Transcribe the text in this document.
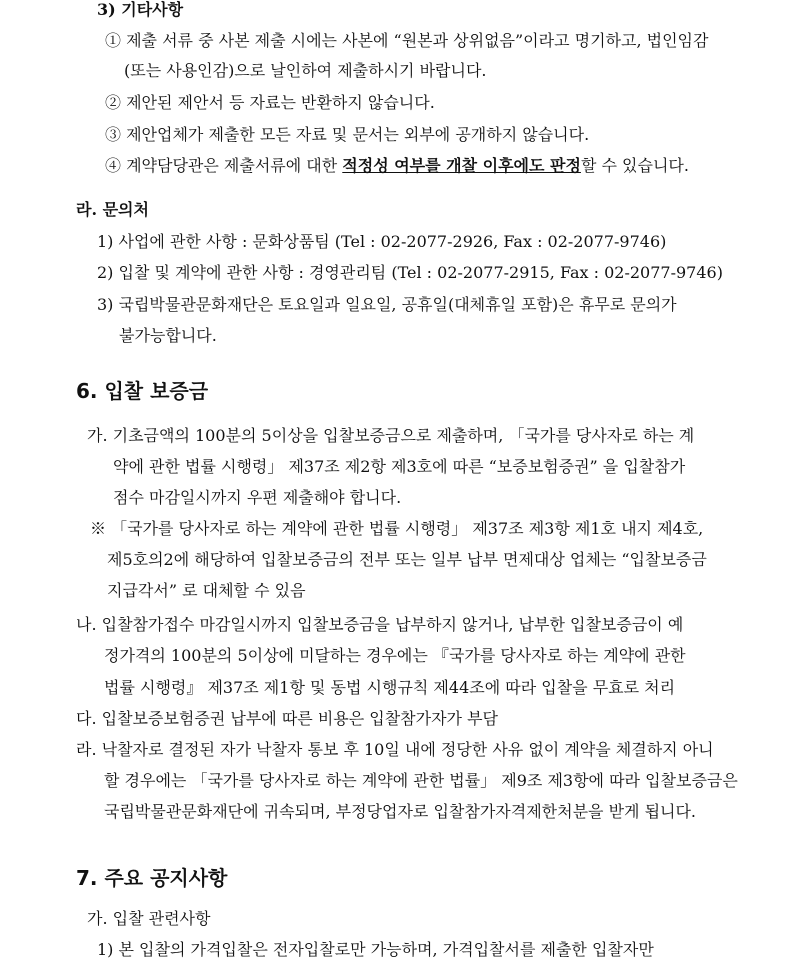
3) 기타사항
① 제출 서류 중 사본 제출 시에는 사본에 “원본과 상위없음”이라고 명기하고, 법인임감
(또는 사용인감)으로 날인하여 제출하시기 바랍니다.
② 제안된 제안서 등 자료는 반환하지 않습니다.
③ 제안업체가 제출한 모든 자료 및 문서는 외부에 공개하지 않습니다.
④ 계약담당관은 제출서류에 대한 적정성 여부를 개찰 이후에도 판정할 수 있습니다.
라. 문의처
1) 사업에 관한 사항 : 문화상품팀 (Tel : 02-2077-2926, Fax : 02-2077-9746)
2) 입찰 및 계약에 관한 사항 : 경영관리팀 (Tel : 02-2077-2915, Fax : 02-2077-9746)
3) 국립박물관문화재단은 토요일과 일요일, 공휴일(대체휴일 포함)은 휴무로 문의가
불가능합니다.
6. 입찰 보증금
가. 기초금액의 100분의 5이상을 입찰보증금으로 제출하며, 「국가를 당사자로 하는 계
약에 관한 법률 시행령」 제37조 제2항 제3호에 따른 “보증보험증권” 을 입찰참가
점수 마감일시까지 우편 제출해야 합니다.
※ 「국가를 당사자로 하는 계약에 관한 법률 시행령」 제37조 제3항 제1호 내지 제4호,
제5호의2에 해당하여 입찰보증금의 전부 또는 일부 납부 면제대상 업체는 “입찰보증금
지급각서” 로 대체할 수 있음
나. 입찰참가접수 마감일시까지 입찰보증금을 납부하지 않거나, 납부한 입찰보증금이 예
정가격의 100분의 5이상에 미달하는 경우에는 『국가를 당사자로 하는 계약에 관한
법률 시행령』 제37조 제1항 및 동법 시행규칙 제44조에 따라 입찰을 무효로 처리
다. 입찰보증보험증권 납부에 따른 비용은 입찰참가자가 부담
라. 낙찰자로 결정된 자가 낙찰자 통보 후 10일 내에 정당한 사유 없이 계약을 체결하지 아니
할 경우에는 「국가를 당사자로 하는 계약에 관한 법률」 제9조 제3항에 따라 입찰보증금은
국립박물관문화재단에 귀속되며, 부정당업자로 입찰참가자격제한처분을 받게 됩니다.
7. 주요 공지사항
가. 입찰 관련사항
1) 본 입찰의 가격입찰은 전자입찰로만 가능하며, 가격입찰서를 제출한 입찰자만
